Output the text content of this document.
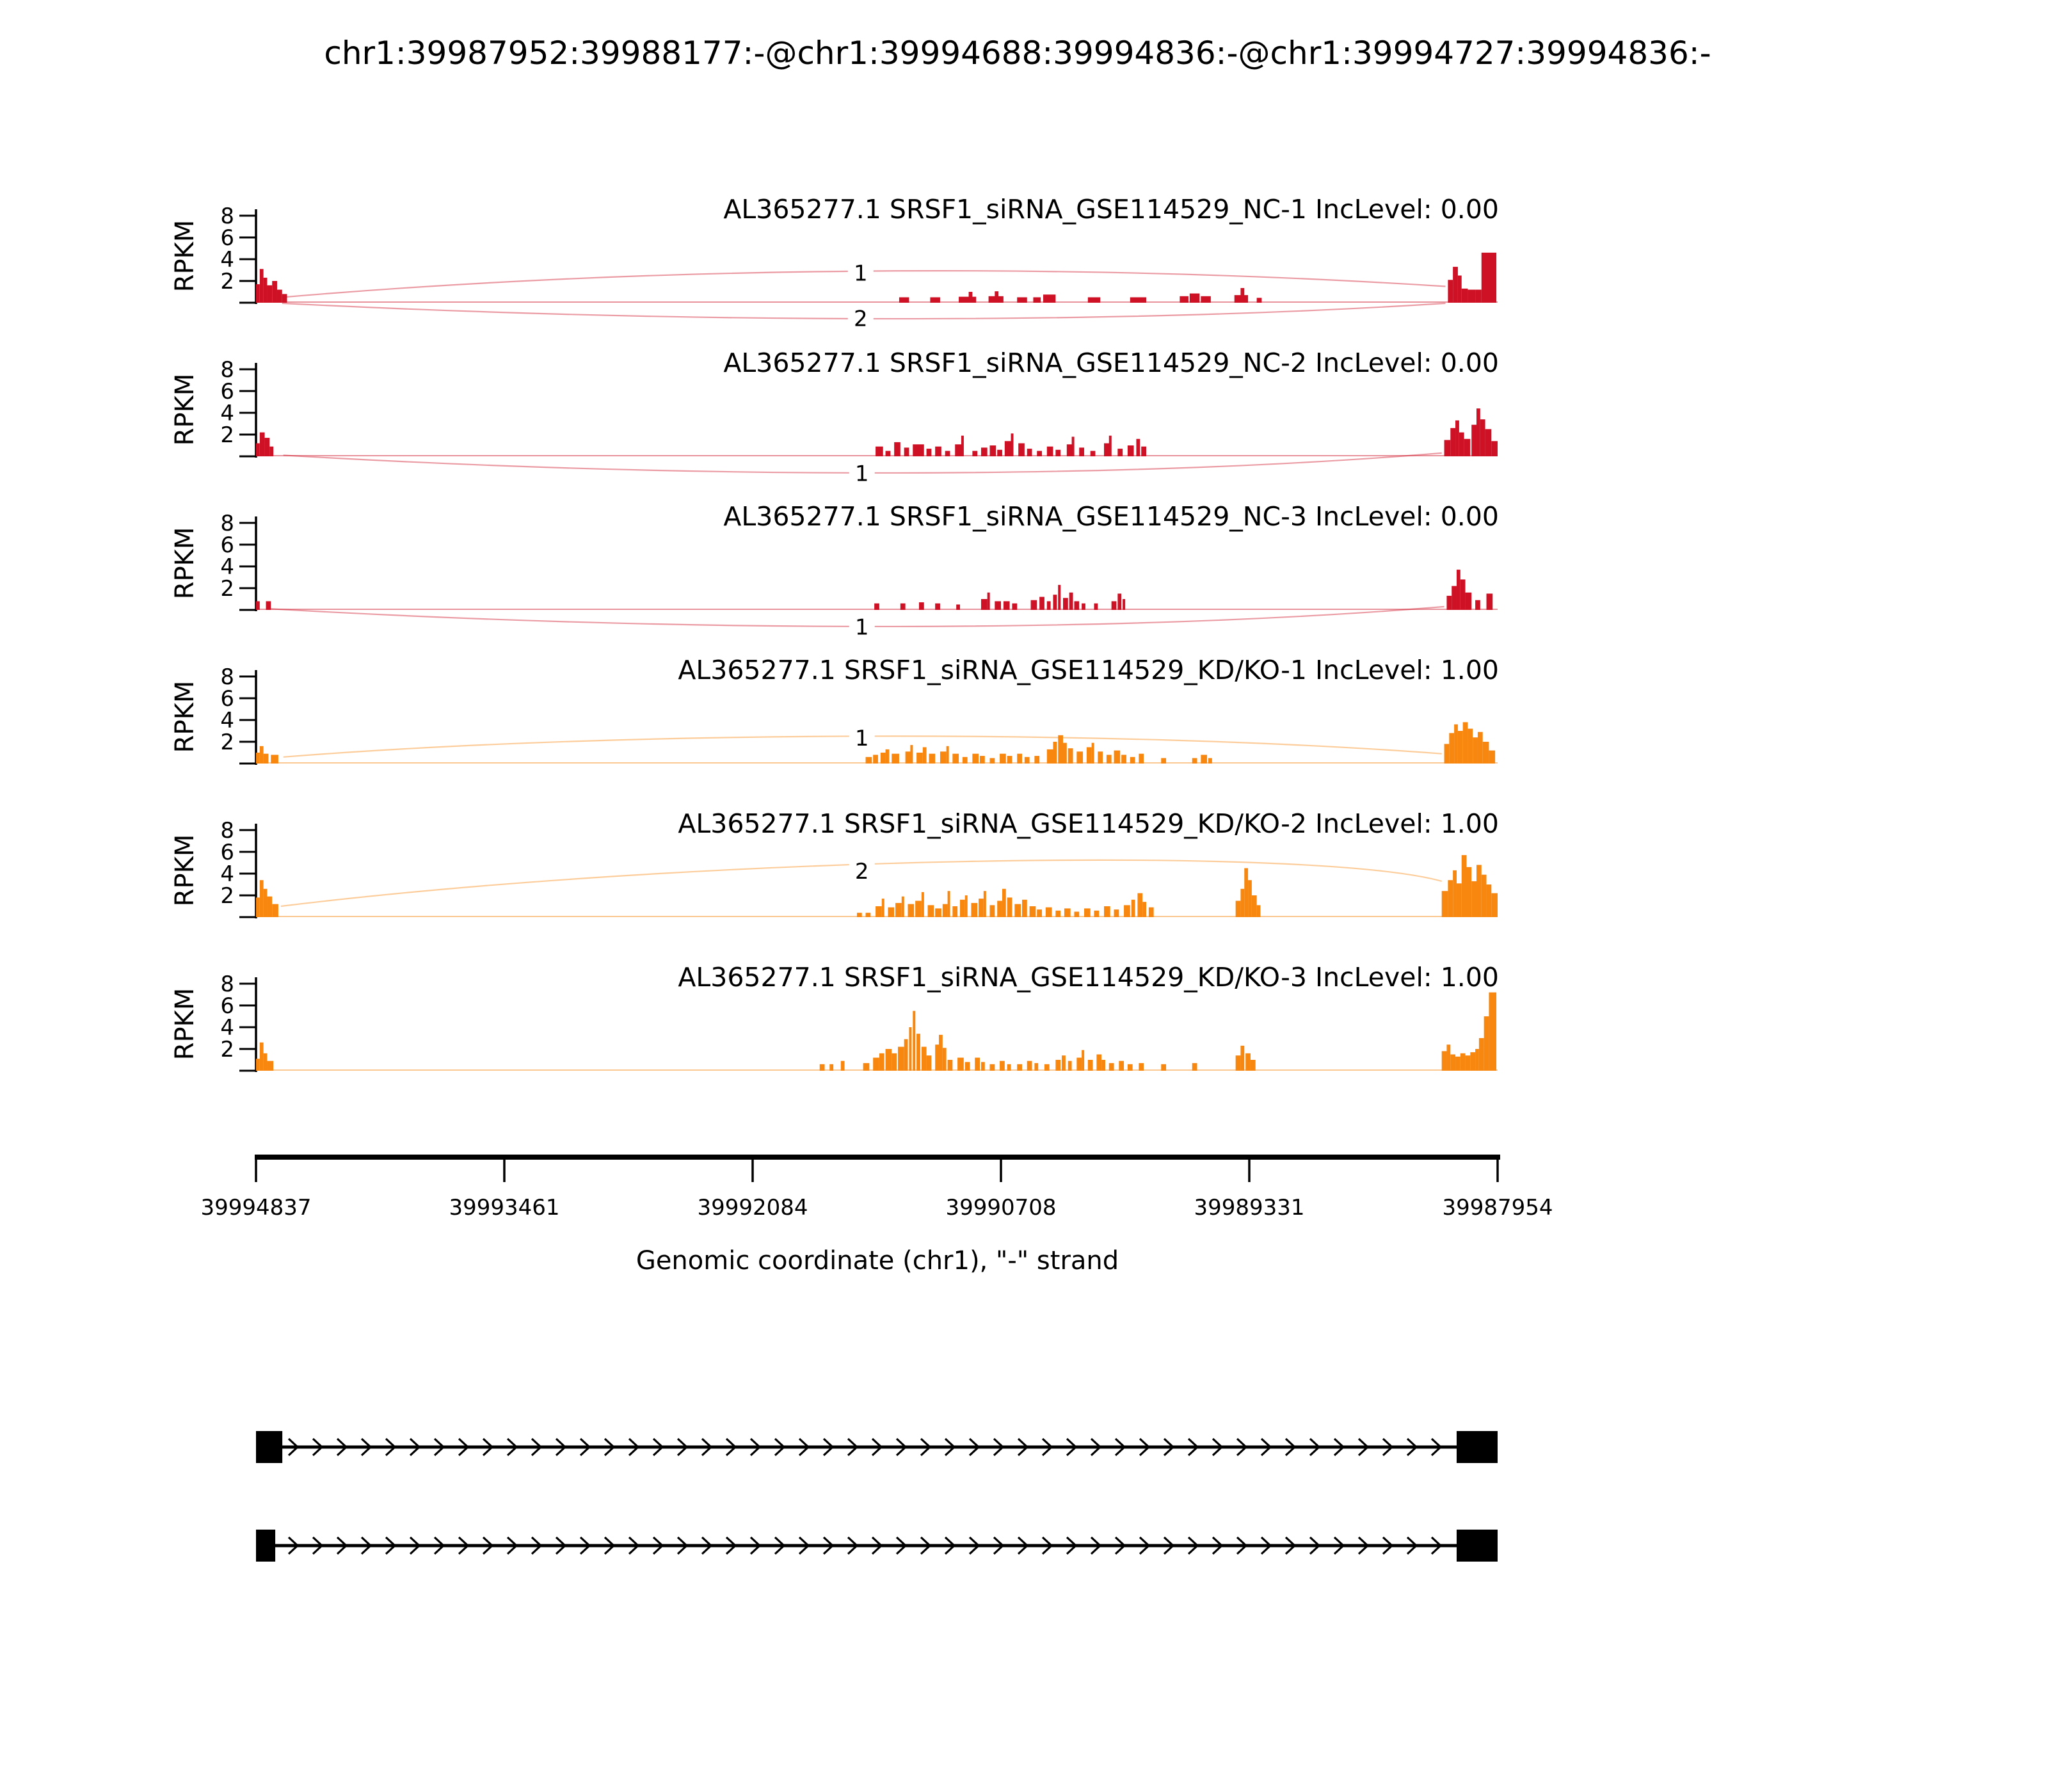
chr1:39987952:39988177:-@chr1:39994688:39994836:-@chr1:39994727:39994836:-
2
4
6
8
RPKM
AL365277.1 SRSF1_siRNA_GSE114529_NC-1 IncLevel: 0.00
1
2
2
4
6
8
RPKM
AL365277.1 SRSF1_siRNA_GSE114529_NC-2 IncLevel: 0.00
1
2
4
6
8
RPKM
AL365277.1 SRSF1_siRNA_GSE114529_NC-3 IncLevel: 0.00
1
2
4
6
8
RPKM
AL365277.1 SRSF1_siRNA_GSE114529_KD/KO-1 IncLevel: 1.00
1
2
4
6
8
RPKM
AL365277.1 SRSF1_siRNA_GSE114529_KD/KO-2 IncLevel: 1.00
2
2
4
6
8
RPKM
AL365277.1 SRSF1_siRNA_GSE114529_KD/KO-3 IncLevel: 1.00
Genomic coordinate (chr1), "-" strand
39994837	39993461	39992084	39990708	39989331	39987954
